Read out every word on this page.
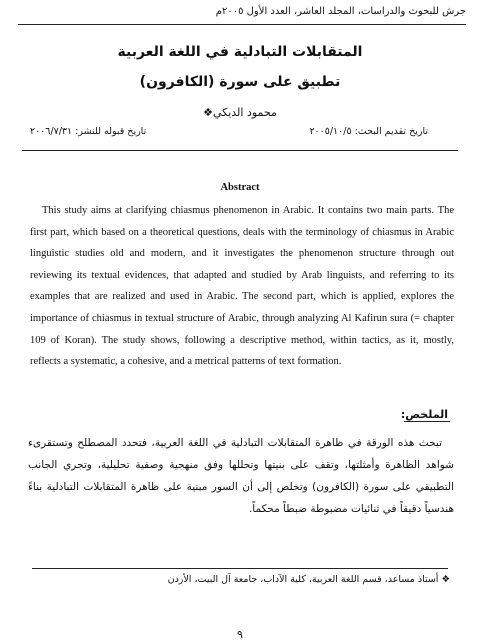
جرش للبحوث والدراسات، المجلد العاشر، العدد الأول ٢٠٠٥م
المتقابلات التبادلية في اللغة العربية
تطبيق على سورة (الكافرون)
محمود الديكي❖
تاريخ تقديم البحث: ٢٠٠٥/١٠/٥
تاريخ قبوله للنشر: ٢٠٠٦/٧/٣١
Abstract

This study aims at clarifying chiasmus phenomenon in Arabic. It contains two main parts. The first part, which based on a theoretical questions, deals with the terminology of chiasmus in Arabic linguistic studies old and modern, and it investigates the phenomenon structure through out reviewing its textual evidences, that adapted and studied by Arab linguists, and referring to its examples that are realized and used in Arabic. The second part, which is applied, explores the importance of chiasmus in textual structure of Arabic, through analyzing Al Kafirun sura (= chapter 109 of Koran). The study shows, following a descriptive method, within tactics, as it, mostly, reflects a systematic, a cohesive, and a metrical patterns of text formation.

الملخص:

تبحث هذه الورقة في ظاهرة المتقابلات التبادلية في اللغة العربية، فتحدد المصطلح وتستقرىء شواهد الظاهرة وأمثلتها، وتقف على بنيتها وتحللها وفق منهجية وصفية تحليلية، وتجري الجانب التطبيقي على سورة (الكافرون) وتخلص إلى أن السور مبنية على ظاهرة المتقابلات التبادلية بناءً هندسياً دقيقاً في ثنائيات مضبوطة ضبطاً محكماً.

❖ أستاذ مساعد، قسم اللغة العربية، كلية الآداب، جامعة آل البيت، الأردن
٩
